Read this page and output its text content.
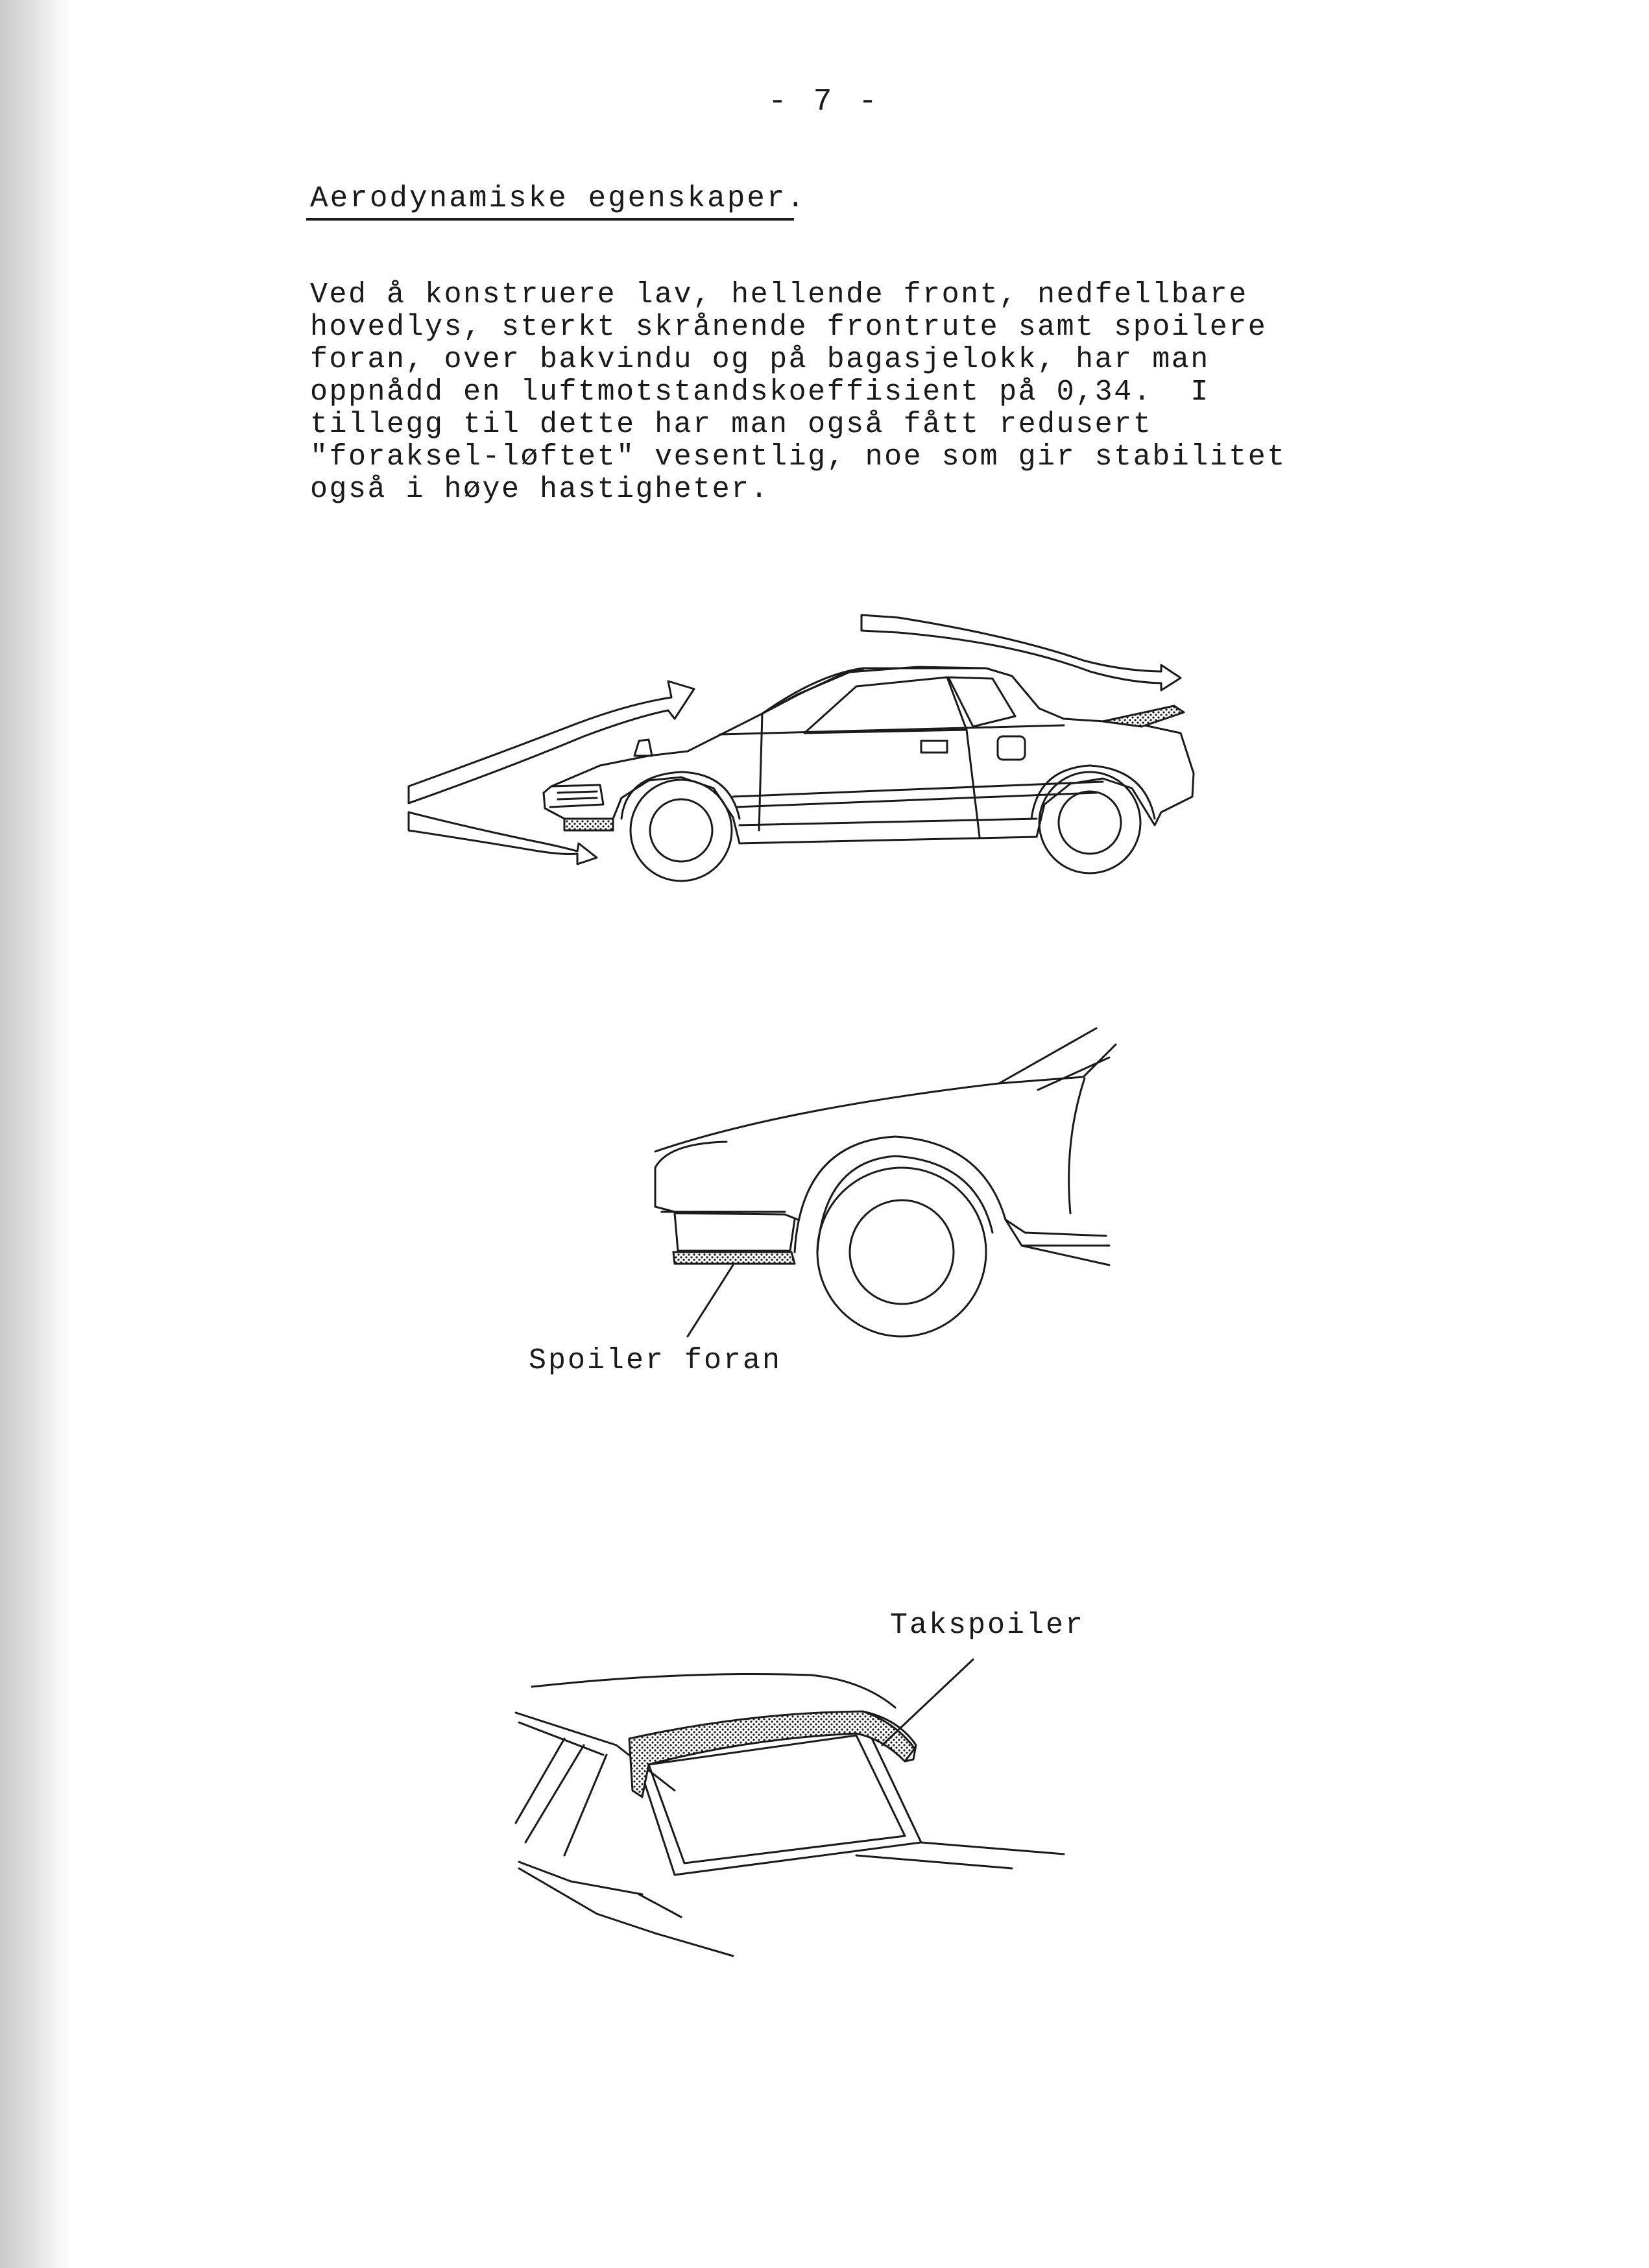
- 7 -
Aerodynamiske egenskaper.
Ved å konstruere lav, hellende front, nedfellbare
hovedlys, sterkt skrånende frontrute samt spoilere
foran, over bakvindu og på bagasjelokk, har man
oppnådd en luftmotstandskoeffisient på 0,34.  I
tillegg til dette har man også fått redusert
"foraksel-løftet" vesentlig, noe som gir stabilitet
også i høye hastigheter.
Spoiler foran
Takspoiler
